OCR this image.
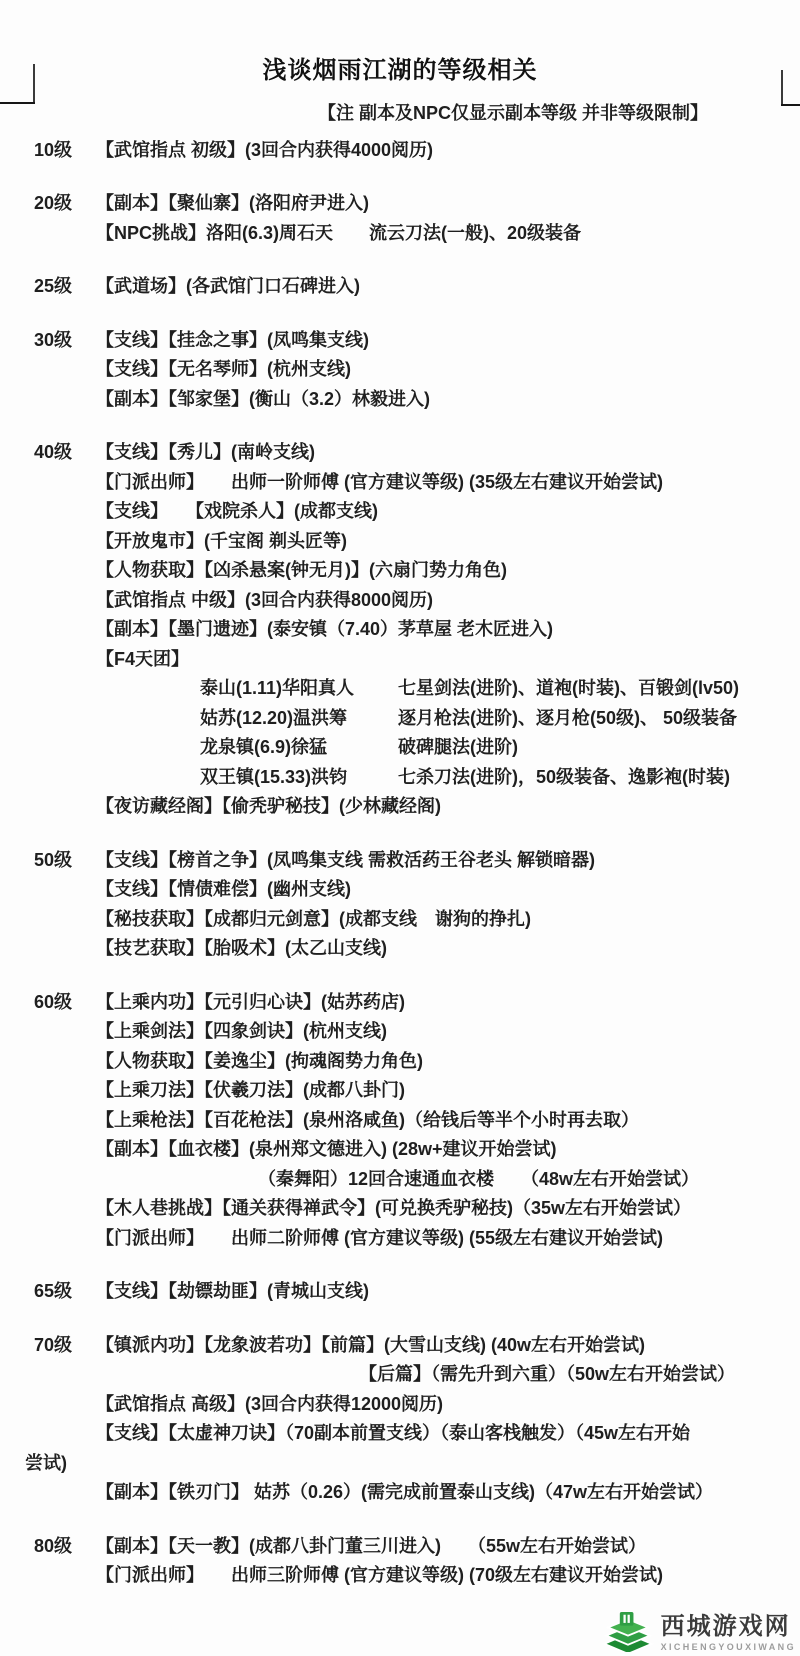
浅谈烟雨江湖的等级相关
【注 副本及NPC仅显示副本等级 并非等级限制】
10级	【武馆指点 初级】(3回合内获得4000阅历)
20级	【副本】【聚仙寨】(洛阳府尹进入)
【NPC挑战】洛阳(6.3)周石天　　流云刀法(一般)、20级装备
25级	【武道场】(各武馆门口石碑进入)
30级	【支线】【挂念之事】(凤鸣集支线)
【支线】【无名琴师】(杭州支线)
【副本】【邹家堡】(衡山（3.2）林毅进入)
40级	【支线】【秀儿】(南岭支线)
【门派出师】　　出师一阶师傅 (官方建议等级) (35级左右建议开始尝试)
【支线】　　【戏院杀人】(成都支线)
【开放鬼市】(千宝阁 剃头匠等)
【人物获取】【凶杀悬案(钟无月)】(六扇门势力角色)
【武馆指点 中级】(3回合内获得8000阅历)
【副本】【墨门遗迹】(泰安镇（7.40）茅草屋 老木匠进入)
【F4天团】
泰山(1.11)华阳真人	七星剑法(进阶)、道袍(时装)、百锻剑(lv50)
姑苏(12.20)温洪筹	逐月枪法(进阶)、逐月枪(50级)、 50级装备
龙泉镇(6.9)徐猛	破碑腿法(进阶)
双王镇(15.33)洪钧	七杀刀法(进阶)，50级装备、逸影袍(时装)
【夜访藏经阁】【偷秃驴秘技】(少林藏经阁)
50级	【支线】【榜首之争】(凤鸣集支线 需救活药王谷老头 解锁暗器)
【支线】【情债难偿】(幽州支线)
【秘技获取】【成都归元剑意】(成都支线　谢狗的挣扎)
【技艺获取】【胎吸术】(太乙山支线)
60级	【上乘内功】【元引归心诀】(姑苏药店)
【上乘剑法】【四象剑诀】(杭州支线)
【人物获取】【姜逸尘】(拘魂阁势力角色)
【上乘刀法】【伏羲刀法】(成都八卦门)
【上乘枪法】【百花枪法】(泉州洛咸鱼)（给钱后等半个小时再去取）
【副本】【血衣楼】(泉州郑文德进入) (28w+建议开始尝试)
（秦舞阳）12回合速通血衣楼　　（48w左右开始尝试）
【木人巷挑战】【通关获得禅武令】(可兑换秃驴秘技)（35w左右开始尝试）
【门派出师】　　出师二阶师傅 (官方建议等级) (55级左右建议开始尝试)
65级	【支线】【劫镖劫匪】(青城山支线)
70级	【镇派内功】【龙象波若功】【前篇】(大雪山支线) (40w左右开始尝试)
【后篇】（需先升到六重）（50w左右开始尝试）
【武馆指点 高级】(3回合内获得12000阅历)
【支线】【太虚神刀诀】（70副本前置支线）（泰山客栈触发）（45w左右开始
尝试)
【副本】【铁刃门】 姑苏（0.26）(需完成前置泰山支线)（47w左右开始尝试）
80级	【副本】【天一教】(成都八卦门董三川进入)　　（55w左右开始尝试）
【门派出师】　　出师三阶师傅 (官方建议等级) (70级左右建议开始尝试)
西城游戏网
XICHENGYOUXIWANG
